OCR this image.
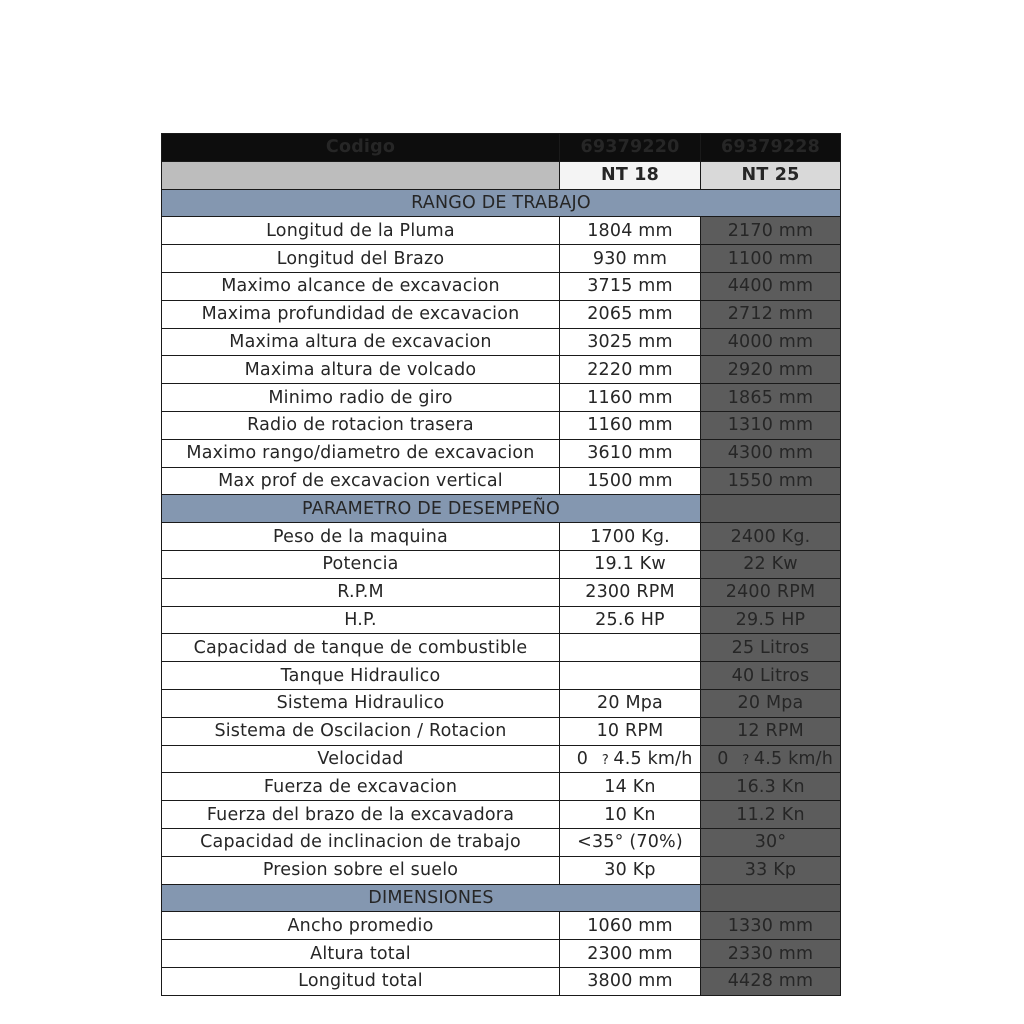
Codigo	69379220	69379228
	NT 18	NT 25
RANGO DE TRABAJO		
Longitud de la Pluma	1804 mm	2170 mm
Longitud del Brazo	930 mm	1100 mm
Maximo alcance de excavacion	3715 mm	4400 mm
Maxima profundidad de excavacion	2065 mm	2712 mm
Maxima altura de excavacion	3025 mm	4000 mm
Maxima altura de volcado	2220 mm	2920 mm
Minimo radio de giro	1160 mm	1865 mm
Radio de rotacion trasera	1160 mm	1310 mm
Maximo rango/diametro de excavacion	3610 mm	4300 mm
Max prof de excavacion vertical	1500 mm	1550 mm
PARAMETRO DE DESEMPEÑO		
Peso de la maquina	1700 Kg.	2400 Kg.
Potencia	19.1 Kw	22 Kw
R.P.M	2300 RPM	2400 RPM
H.P.	25.6 HP	29.5 HP
Capacidad de tanque de combustible		25 Litros
Tanque Hidraulico		40 Litros
Sistema Hidraulico	20 Mpa	20 Mpa
Sistema de Oscilacion / Rotacion	10 RPM	12 RPM
Velocidad	0 ? 4.5 km/h	0 ? 4.5 km/h
Fuerza de excavacion	14 Kn	16.3 Kn
Fuerza del brazo de la excavadora	10 Kn	11.2 Kn
Capacidad de inclinacion de trabajo	<35° (70%)	30°
Presion sobre el suelo	30 Kp	33 Kp
DIMENSIONES		
Ancho promedio	1060 mm	1330 mm
Altura total	2300 mm	2330 mm
Longitud total	3800 mm	4428 mm
